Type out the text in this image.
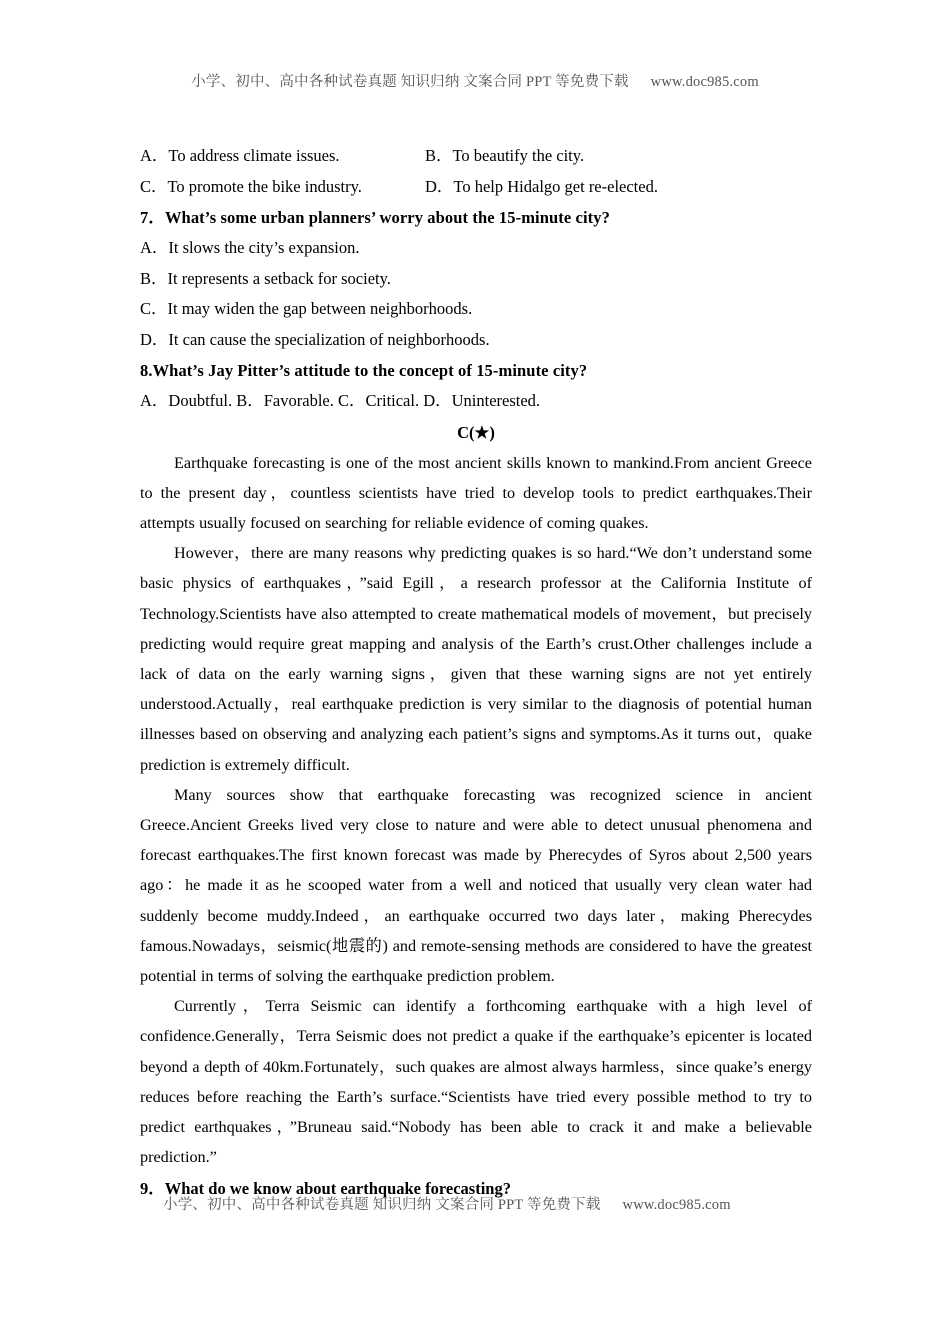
小学、初中、高中各种试卷真题 知识归纳 文案合同 PPT 等免费下载 www.doc985.com
A．To address climate issues.	B．To beautify the city.
C．To promote the bike industry.	D．To help Hidalgo get re-elected.
7．What’s some urban planners’ worry about the 15-minute city?
A．It slows the city’s expansion.
B．It represents a setback for society.
C．It may widen the gap between neighborhoods.
D．It can cause the specialization of neighborhoods.
8.What’s Jay Pitter’s attitude to the concept of 15-minute city?
A．Doubtful. B．Favorable. C．Critical. D．Uninterested.
C(★)

Earthquake forecasting is one of the most ancient skills known to mankind.From ancient Greece to the present day，countless scientists have tried to develop tools to predict earthquakes.Their attempts usually focused on searching for reliable evidence of coming quakes.

However，there are many reasons why predicting quakes is so hard.“We don’t understand some basic physics of earthquakes，”said Egill，a research professor at the California Institute of Technology.Scientists have also attempted to create mathematical models of movement，but precisely predicting would require great mapping and analysis of the Earth’s crust.Other challenges include a lack of data on the early warning signs，given that these warning signs are not yet entirely understood.Actually，real earthquake prediction is very similar to the diagnosis of potential human illnesses based on observing and analyzing each patient’s signs and symptoms.As it turns out，quake prediction is extremely difficult.

Many sources show that earthquake forecasting was recognized science in ancient Greece.Ancient Greeks lived very close to nature and were able to detect unusual phenomena and forecast earthquakes.The first known forecast was made by Pherecydes of Syros about 2,500 years ago：he made it as he scooped water from a well and noticed that usually very clean water had suddenly become muddy.Indeed，an earthquake occurred two days later，making Pherecydes famous.Nowadays，seismic(地震的) and remote-sensing methods are considered to have the greatest potential in terms of solving the earthquake prediction problem.

Currently，Terra Seismic can identify a forthcoming earthquake with a high level of confidence.Generally，Terra Seismic does not predict a quake if the earthquake’s epicenter is located beyond a depth of 40km.Fortunately，such quakes are almost always harmless，since quake’s energy reduces before reaching the Earth’s surface.“Scientists have tried every possible method to try to predict earthquakes，”Bruneau said.“Nobody has been able to crack it and make a believable prediction.”

9．What do we know about earthquake forecasting?
小学、初中、高中各种试卷真题 知识归纳 文案合同 PPT 等免费下载 www.doc985.com
